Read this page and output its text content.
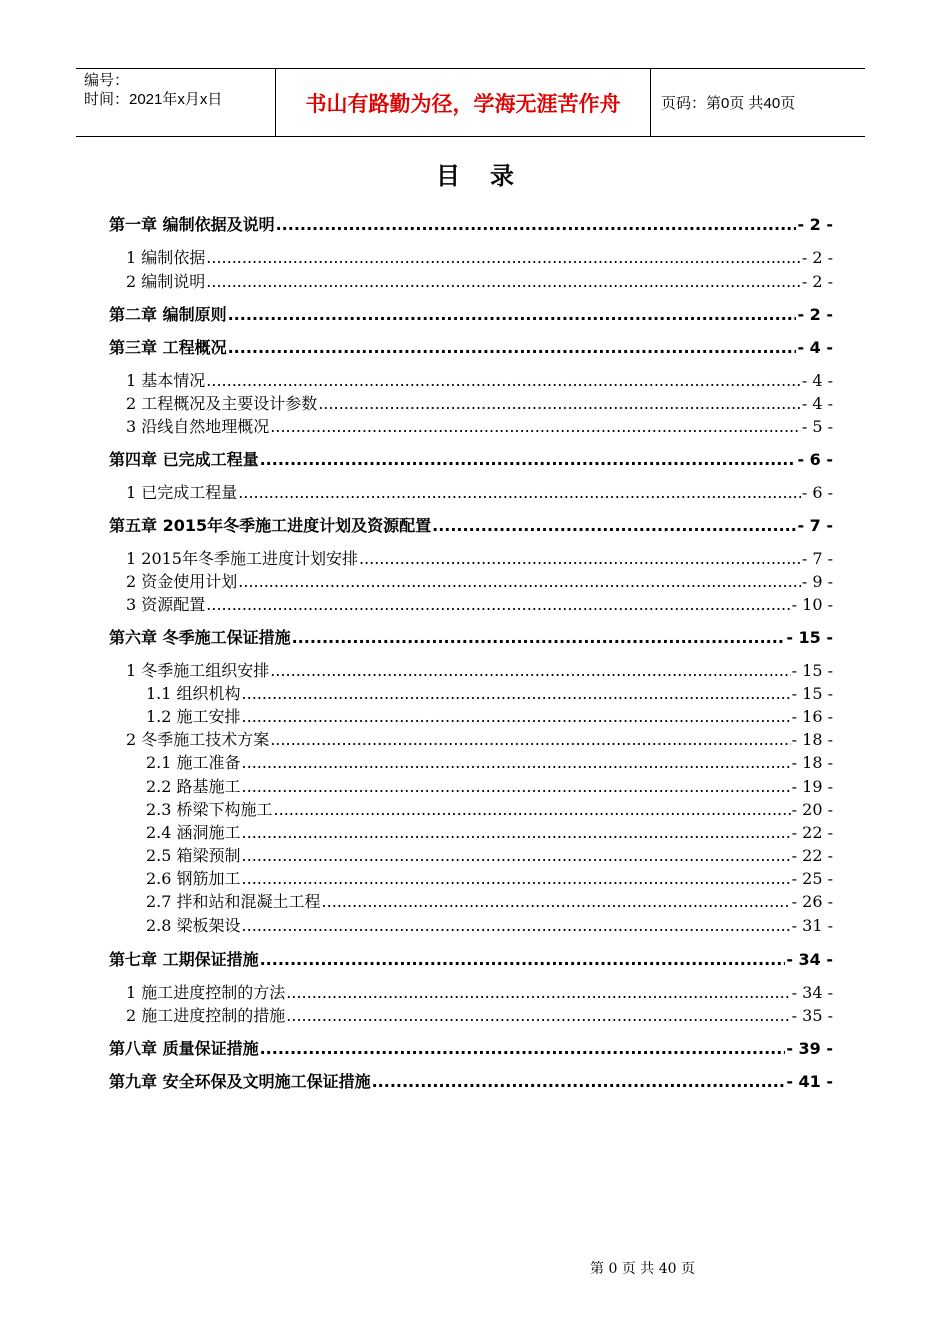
编号：
时间：2021年x月x日	书山有路勤为径，学海无涯苦作舟	页码：第0页 共40页
目录
第一章 编制依据及说明 .....	- 2 -
1 编制依据 .....	- 2 -
2 编制说明 .....	- 2 -
第二章 编制原则 .....	- 2 -
第三章 工程概况 .....	- 4 -
1 基本情况 .....	- 4 -
2 工程概况及主要设计参数 .....	- 4 -
3 沿线自然地理概况 .....	- 5 -
第四章 已完成工程量 .....	- 6 -
1 已完成工程量 .....	- 6 -
第五章 2015年冬季施工进度计划及资源配置 .....	- 7 -
1 2015年冬季施工进度计划安排 .....	- 7 -
2 资金使用计划 .....	- 9 -
3 资源配置 .....	- 10 -
第六章 冬季施工保证措施 .....	- 15 -
1 冬季施工组织安排 .....	- 15 -
1.1 组织机构 .....	- 15 -
1.2 施工安排 .....	- 16 -
2 冬季施工技术方案 .....	- 18 -
2.1 施工准备 .....	- 18 -
2.2 路基施工 .....	- 19 -
2.3 桥梁下构施工 .....	- 20 -
2.4 涵洞施工 .....	- 22 -
2.5 箱梁预制 .....	- 22 -
2.6 钢筋加工 .....	- 25 -
2.7 拌和站和混凝土工程 .....	- 26 -
2.8 梁板架设 .....	- 31 -
第七章 工期保证措施 .....	- 34 -
1 施工进度控制的方法 .....	- 34 -
2 施工进度控制的措施 .....	- 35 -
第八章 质量保证措施 .....	- 39 -
第九章 安全环保及文明施工保证措施 .....	- 41 -
第 0 页 共 40 页
